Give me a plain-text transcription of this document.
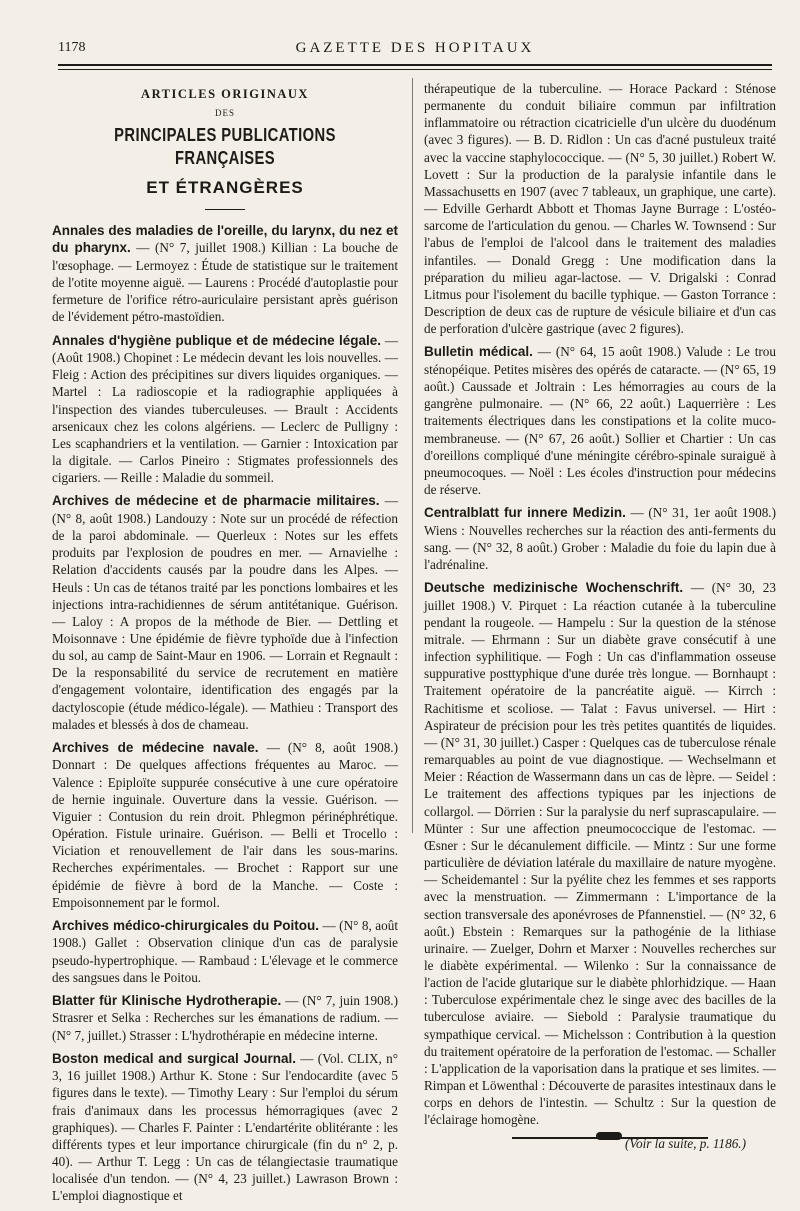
1178	GAZETTE DES HOPITAUX
ARTICLES ORIGINAUX
DES
PRINCIPALES PUBLICATIONS FRANÇAISES
ET ÉTRANGÈRES

Annales des maladies de l'oreille, du larynx, du nez et du pharynx. — (N° 7, juillet 1908.) Killian : La bouche de l'œsophage. — Lermoyez : Étude de statistique sur le traitement de l'otite moyenne aiguë. — Laurens : Procédé d'autoplastie pour fermeture de l'orifice rétro-auriculaire persistant après guérison de l'évidement pétro-mastoïdien.

Annales d'hygiène publique et de médecine légale. — (Août 1908.) Chopinet : Le médecin devant les lois nouvelles. — Fleig : Action des précipitines sur divers liquides organiques. — Martel : La radioscopie et la radiographie appliquées à l'inspection des viandes tuberculeuses. — Brault : Accidents arsenicaux chez les colons algériens. — Leclerc de Pulligny : Les scaphandriers et la ventilation. — Garnier : Intoxication par la digitale. — Carlos Pineiro : Stigmates professionnels des cigariers. — Reille : Maladie du sommeil.

Archives de médecine et de pharmacie militaires. — (N° 8, août 1908.) Landouzy : Note sur un procédé de réfection de la paroi abdominale. — Querleux : Notes sur les effets produits par l'explosion de poudres en mer. — Arnavielhe : Relation d'accidents causés par la poudre dans les Alpes. — Heuls : Un cas de tétanos traité par les ponctions lombaires et les injections intra-rachidiennes de sérum antitétanique. Guérison. — Laloy : A propos de la méthode de Bier. — Dettling et Moisonnave : Une épidémie de fièvre typhoïde due à l'infection du sol, au camp de Saint-Maur en 1906. — Lorrain et Regnault : De la responsabilité du service de recrutement en matière d'engagement volontaire, identification des engagés par la dactyloscopie (étude médico-légale). — Mathieu : Transport des malades et blessés à dos de chameau.

Archives de médecine navale. — (N° 8, août 1908.) Donnart : De quelques affections fréquentes au Maroc. — Valence : Epiploïte suppurée consécutive à une cure opératoire de hernie inguinale. Ouverture dans la vessie. Guérison. — Viguier : Contusion du rein droit. Phlegmon périnéphrétique. Opération. Fistule urinaire. Guérison. — Belli et Trocello : Viciation et renouvellement de l'air dans les sous-marins. Recherches expérimentales. — Brochet : Rapport sur une épidémie de fièvre à bord de la Manche. — Coste : Empoisonnement par le formol.

Archives médico-chirurgicales du Poitou. — (N° 8, août 1908.) Gallet : Observation clinique d'un cas de paralysie pseudo-hypertrophique. — Rambaud : L'élevage et le commerce des sangsues dans le Poitou.

Blatter für Klinische Hydrotherapie. — (N° 7, juin 1908.) Strasrer et Selka : Recherches sur les émanations de radium. — (N° 7, juillet.) Strasser : L'hydrothérapie en médecine interne.

Boston medical and surgical Journal. — (Vol. CLIX, n° 3, 16 juillet 1908.) Arthur K. Stone : Sur l'endocardite (avec 5 figures dans le texte). — Timothy Leary : Sur l'emploi du sérum frais d'animaux dans les processus hémorragiques (avec 2 graphiques). — Charles F. Painter : L'endartérite oblitérante : les différents types et leur importance chirurgicale (fin du n° 2, p. 40). — Arthur T. Legg : Un cas de télangiectasie traumatique localisée d'un tendon. — (N° 4, 23 juillet.) Lawrason Brown : L'emploi diagnostique et

thérapeutique de la tuberculine. — Horace Packard : Sténose permanente du conduit biliaire commun par infiltration inflammatoire ou rétraction cicatricielle d'un ulcère du duodénum (avec 3 figures). — B. D. Ridlon : Un cas d'acné pustuleux traité avec la vaccine staphylococcique. — (N° 5, 30 juillet.) Robert W. Lovett : Sur la production de la paralysie infantile dans le Massachusetts en 1907 (avec 7 tableaux, un graphique, une carte). — Edville Gerhardt Abbott et Thomas Jayne Burrage : L'ostéo-sarcome de l'articulation du genou. — Charles W. Townsend : Sur l'abus de l'emploi de l'alcool dans le traitement des maladies infantiles. — Donald Gregg : Une modification dans la préparation du milieu agar-lactose. — V. Drigalski : Conrad Litmus pour l'isolement du bacille typhique. — Gaston Torrance : Description de deux cas de rupture de vésicule biliaire et d'un cas de perforation d'ulcère gastrique (avec 2 figures).

Bulletin médical. — (N° 64, 15 août 1908.) Valude : Le trou sténopéique. Petites misères des opérés de cataracte. — (N° 65, 19 août.) Caussade et Joltrain : Les hémorragies au cours de la gangrène pulmonaire. — (N° 66, 22 août.) Laquerrière : Les traitements électriques dans les constipations et la colite muco-membraneuse. — (N° 67, 26 août.) Sollier et Chartier : Un cas d'oreillons compliqué d'une méningite cérébro-spinale suraiguë à pneumocoques. — Noël : Les écoles d'instruction pour médecins de réserve.

Centralblatt fur innere Medizin. — (N° 31, 1er août 1908.) Wiens : Nouvelles recherches sur la réaction des anti-ferments du sang. — (N° 32, 8 août.) Grober : Maladie du foie du lapin due à l'adrénaline.

Deutsche medizinische Wochenschrift. — (N° 30, 23 juillet 1908.) V. Pirquet : La réaction cutanée à la tuberculine pendant la rougeole. — Hampelu : Sur la question de la sténose mitrale. — Ehrmann : Sur un diabète grave consécutif à une infection syphilitique. — Fogh : Un cas d'inflammation osseuse suppurative posttyphique d'une durée très longue. — Bornhaupt : Traitement opératoire de la pancréatite aiguë. — Kirrch : Rachitisme et scoliose. — Talat : Favus universel. — Hirt : Aspirateur de précision pour les très petites quantités de liquides. — (N° 31, 30 juillet.) Casper : Quelques cas de tuberculose rénale remarquables au point de vue diagnostique. — Wechselmann et Meier : Réaction de Wassermann dans un cas de lèpre. — Seidel : Le traitement des affections typiques par les injections de collargol. — Dörrien : Sur la paralysie du nerf suprascapulaire. — Münter : Sur une affection pneumococcique de l'estomac. — Œsner : Sur le décanulement difficile. — Mintz : Sur une forme particulière de déviation latérale du maxillaire de nature myogène. — Scheidemantel : Sur la pyélite chez les femmes et ses rapports avec la menstruation. — Zimmermann : L'importance de la section transversale des aponévroses de Pfannenstiel. — (N° 32, 6 août.) Ebstein : Remarques sur la pathogénie de la lithiase urinaire. — Zuelger, Dohrn et Marxer : Nouvelles recherches sur le diabète expérimental. — Wilenko : Sur la connaissance de l'action de l'acide glutarique sur le diabète phlorhidzique. — Haan : Tuberculose expérimentale chez le singe avec des bacilles de la tuberculose aviaire. — Siebold : Paralysie traumatique du sympathique cervical. — Michelsson : Contribution à la question du traitement opératoire de la perforation de l'estomac. — Schaller : L'application de la vaporisation dans la pratique et ses limites. — Rimpan et Löwenthal : Découverte de parasites intestinaux dans le corps en dehors de l'intestin. — Schultz : Sur la question de l'éclairage homogène.

(Voir la suite, p. 1186.)
